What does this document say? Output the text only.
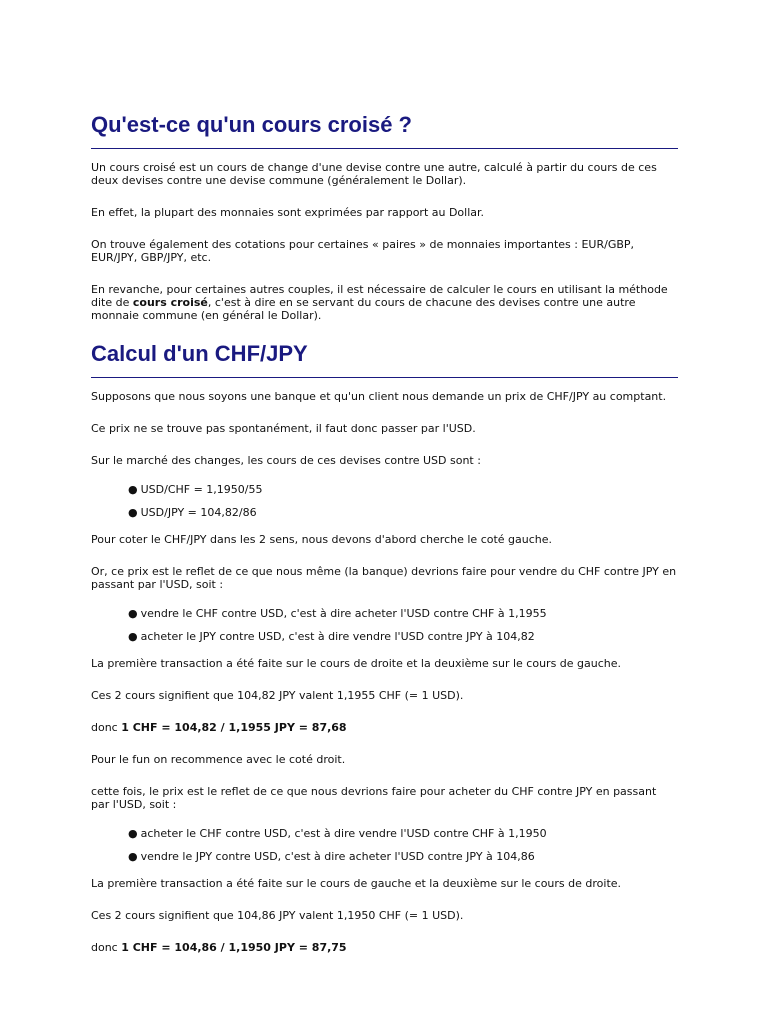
Qu'est-ce qu'un cours croisé ?

Un cours croisé est un cours de change d'une devise contre une autre, calculé à partir du cours de ces deux devises contre une devise commune (généralement le Dollar).

En effet, la plupart des monnaies sont exprimées par rapport au Dollar.

On trouve également des cotations pour certaines « paires » de monnaies importantes : EUR/GBP, EUR/JPY, GBP/JPY, etc.

En revanche, pour certaines autres couples, il est nécessaire de calculer le cours en utilisant la méthode dite de cours croisé, c'est à dire en se servant du cours de chacune des devises contre une autre monnaie commune (en général le Dollar).

Calcul d'un CHF/JPY

Supposons que nous soyons une banque et qu'un client nous demande un prix de CHF/JPY au comptant.

Ce prix ne se trouve pas spontanément, il faut donc passer par l'USD.

Sur le marché des changes, les cours de ces devises contre USD sont :

● USD/CHF = 1,1950/55
● USD/JPY = 104,82/86

Pour coter le CHF/JPY dans les 2 sens, nous devons d'abord cherche le coté gauche.

Or, ce prix est le reflet de ce que nous même (la banque) devrions faire pour vendre du CHF contre JPY en passant par l'USD, soit :

● vendre le CHF contre USD, c'est à dire acheter l'USD contre CHF à 1,1955
● acheter le JPY contre USD, c'est à dire vendre l'USD contre JPY à 104,82

La première transaction a été faite sur le cours de droite et la deuxième sur le cours de gauche.

Ces 2 cours signifient que 104,82 JPY valent 1,1955 CHF (= 1 USD).

donc 1 CHF = 104,82 / 1,1955 JPY = 87,68

Pour le fun on recommence avec le coté droit.

cette fois, le prix est le reflet de ce que nous devrions faire pour acheter du CHF contre JPY en passant par l'USD, soit :

● acheter le CHF contre USD, c'est à dire vendre l'USD contre CHF à 1,1950
● vendre le JPY contre USD, c'est à dire acheter l'USD contre JPY à 104,86

La première transaction a été faite sur le cours de gauche et la deuxième sur le cours de droite.

Ces 2 cours signifient que 104,86 JPY valent 1,1950 CHF (= 1 USD).

donc 1 CHF = 104,86 / 1,1950 JPY = 87,75
